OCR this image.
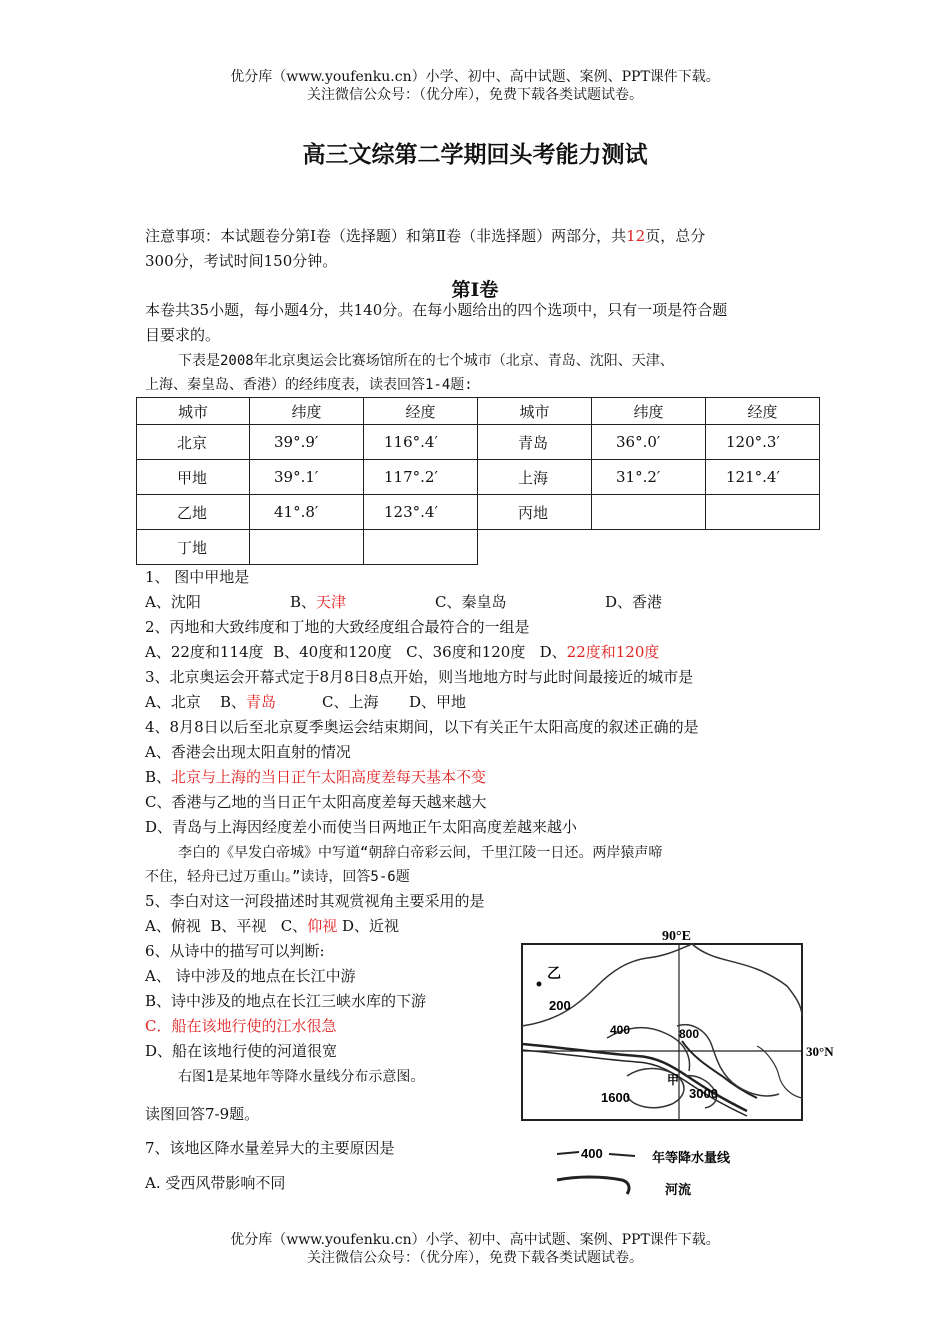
优分库（www.youfenku.cn）小学、初中、高中试题、案例、PPT课件下载。
关注微信公众号：（优分库），免费下载各类试题试卷。
高三文综第二学期回头考能力测试
注意事项：本试题卷分第Ⅰ卷（选择题）和第Ⅱ卷（非选择题）两部分，共12页，总分
300分，考试时间150分钟。
第Ⅰ卷
本卷共35小题，每小题4分，共140分。在每小题给出的四个选项中，只有一项是符合题
目要求的。
下表是2008年北京奥运会比赛场馆所在的七个城市（北京、青岛、沈阳、天津、
上海、秦皇岛、香港）的经纬度表，读表回答1-4题:
城市	纬度	经度	城市	纬度	经度
北京	39°.9′	116°.4′	青岛	36°.0′	120°.3′
甲地	39°.1′	117°.2′	上海	31°.2′	121°.4′
乙地	41°.8′	123°.4′	丙地		
丁地					
1、 图中甲地是
A、沈阳	B、天津	C、秦皇岛	D、香港
2、丙地和大致纬度和丁地的大致经度组合最符合的一组是
A、22度和114度  B、40度和120度   C、36度和120度   D、22度和120度
3、北京奥运会开幕式定于8月8日8点开始，则当地地方时与此时间最接近的城市是
A、北京 B、青岛	C、上海 D、甲地
4、8月8日以后至北京夏季奥运会结束期间，以下有关正午太阳高度的叙述正确的是
A、香港会出现太阳直射的情况
B、北京与上海的当日正午太阳高度差每天基本不变
C、香港与乙地的当日正午太阳高度差每天越来越大
D、青岛与上海因经度差小而使当日两地正午太阳高度差越来越小
李白的《早发白帝城》中写道“朝辞白帝彩云间，千里江陵一日还。两岸猿声啼
不住，轻舟已过万重山。”读诗，回答5-6题
5、李白对这一河段描述时其观赏视角主要采用的是
A、俯视  B、平视   C、仰视 D、近视
6、从诗中的描写可以判断:
A、 诗中涉及的地点在长江中游
B、诗中涉及的地点在长江三峡水库的下游
C．船在该地行使的江水很急
D、船在该地行使的河道很宽
右图1是某地年等降水量线分布示意图。
读图回答7-9题。
7、该地区降水量差异大的主要原因是
A. 受西风带影响不同
90°E
30°N
乙
200
400	800
1600	3000
甲
400	年等降水量线
河流
优分库（www.youfenku.cn）小学、初中、高中试题、案例、PPT课件下载。
关注微信公众号：（优分库），免费下载各类试题试卷。
